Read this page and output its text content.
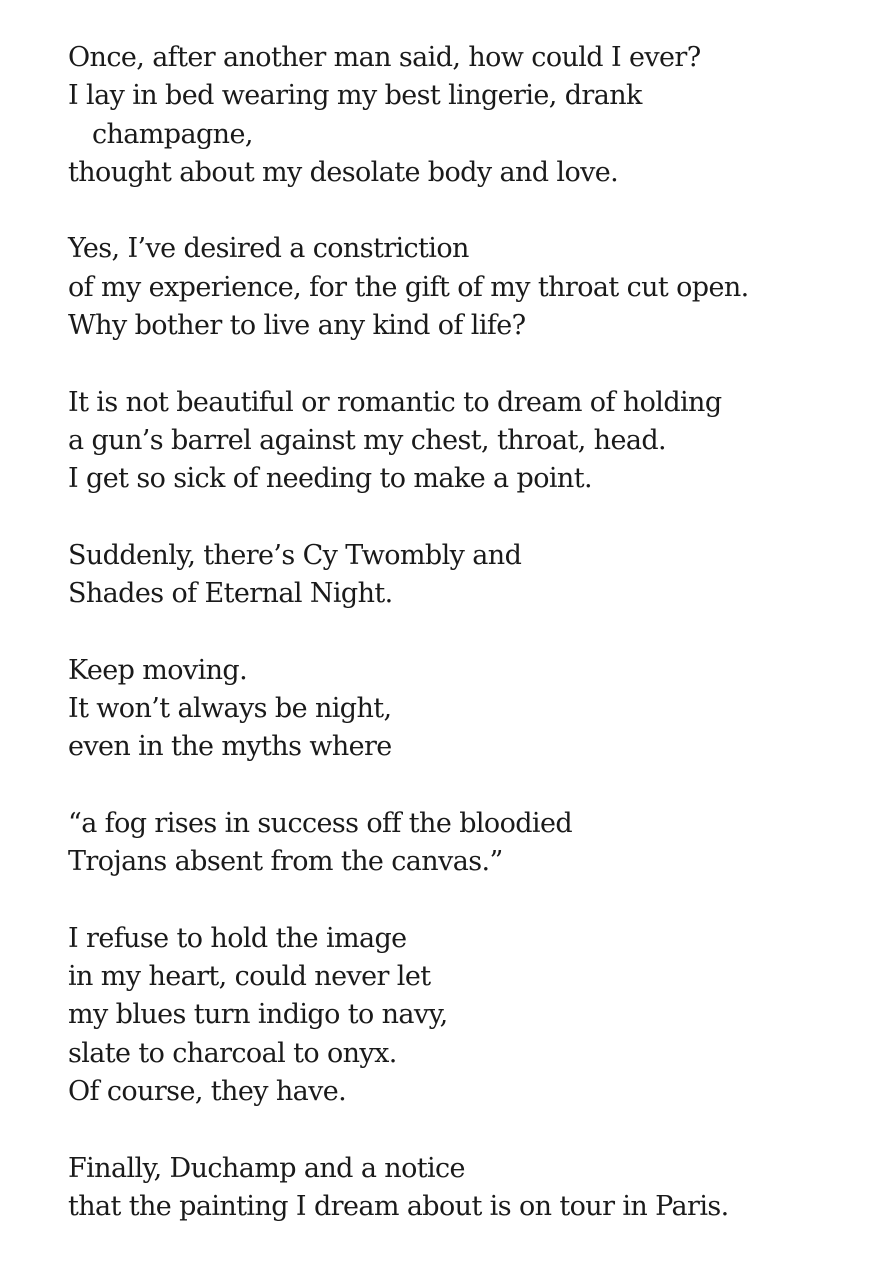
Once, after another man said, how could I ever?
I lay in bed wearing my best lingerie, drank
champagne,
thought about my desolate body and love.
Yes, I’ve desired a constriction
of my experience, for the gift of my throat cut open.
Why bother to live any kind of life?
It is not beautiful or romantic to dream of holding
a gun’s barrel against my chest, throat, head.
I get so sick of needing to make a point.
Suddenly, there’s Cy Twombly and
Shades of Eternal Night.
Keep moving.
It won’t always be night,
even in the myths where
“a fog rises in success off the bloodied
Trojans absent from the canvas.”
I refuse to hold the image
in my heart, could never let
my blues turn indigo to navy,
slate to charcoal to onyx.
Of course, they have.
Finally, Duchamp and a notice
that the painting I dream about is on tour in Paris.
